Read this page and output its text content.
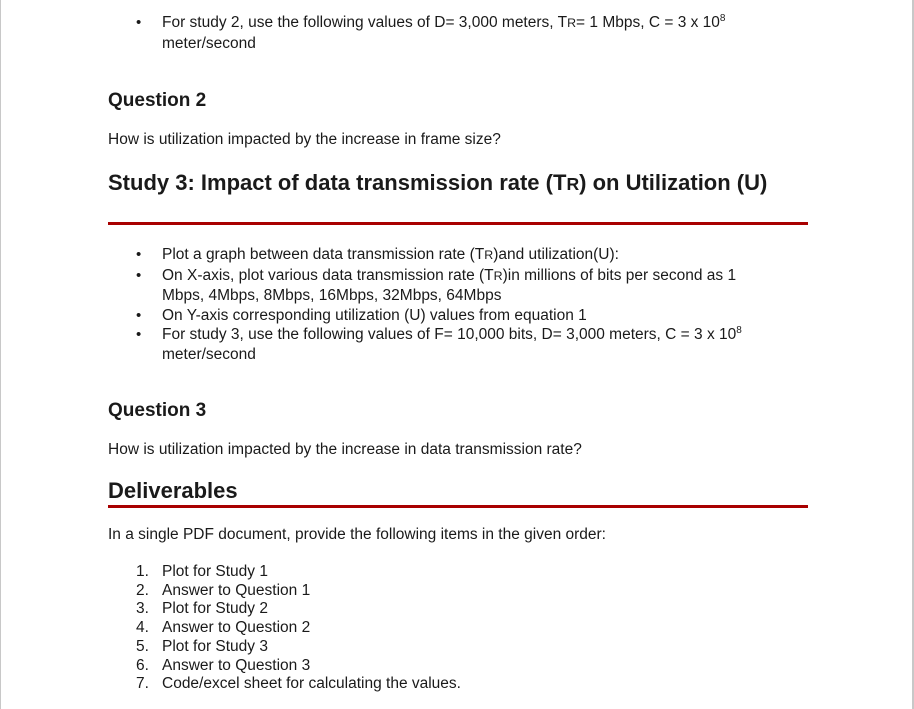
• For study 2, use the following values of D= 3,000 meters, TR= 1 Mbps, C = 3 x $10^8$
meter/second
Question 2

How is utilization impacted by the increase in frame size?

Study 3: Impact of data transmission rate (TR) on Utilization (U)
• Plot a graph between data transmission rate (TR)and utilization(U):
• On X-axis, plot various data transmission rate (TR)in millions of bits per second as 1
Mbps, 4Mbps, 8Mbps, 16Mbps, 32Mbps, 64Mbps
• On Y-axis corresponding utilization (U) values from equation 1
• For study 3, use the following values of F= 10,000 bits, D= 3,000 meters, C = 3 x $10^8$
meter/second
Question 3

How is utilization impacted by the increase in data transmission rate?

Deliverables

In a single PDF document, provide the following items in the given order:

1. Plot for Study 1
2. Answer to Question 1
3. Plot for Study 2
4. Answer to Question 2
5. Plot for Study 3
6. Answer to Question 3
7. Code/excel sheet for calculating the values.
